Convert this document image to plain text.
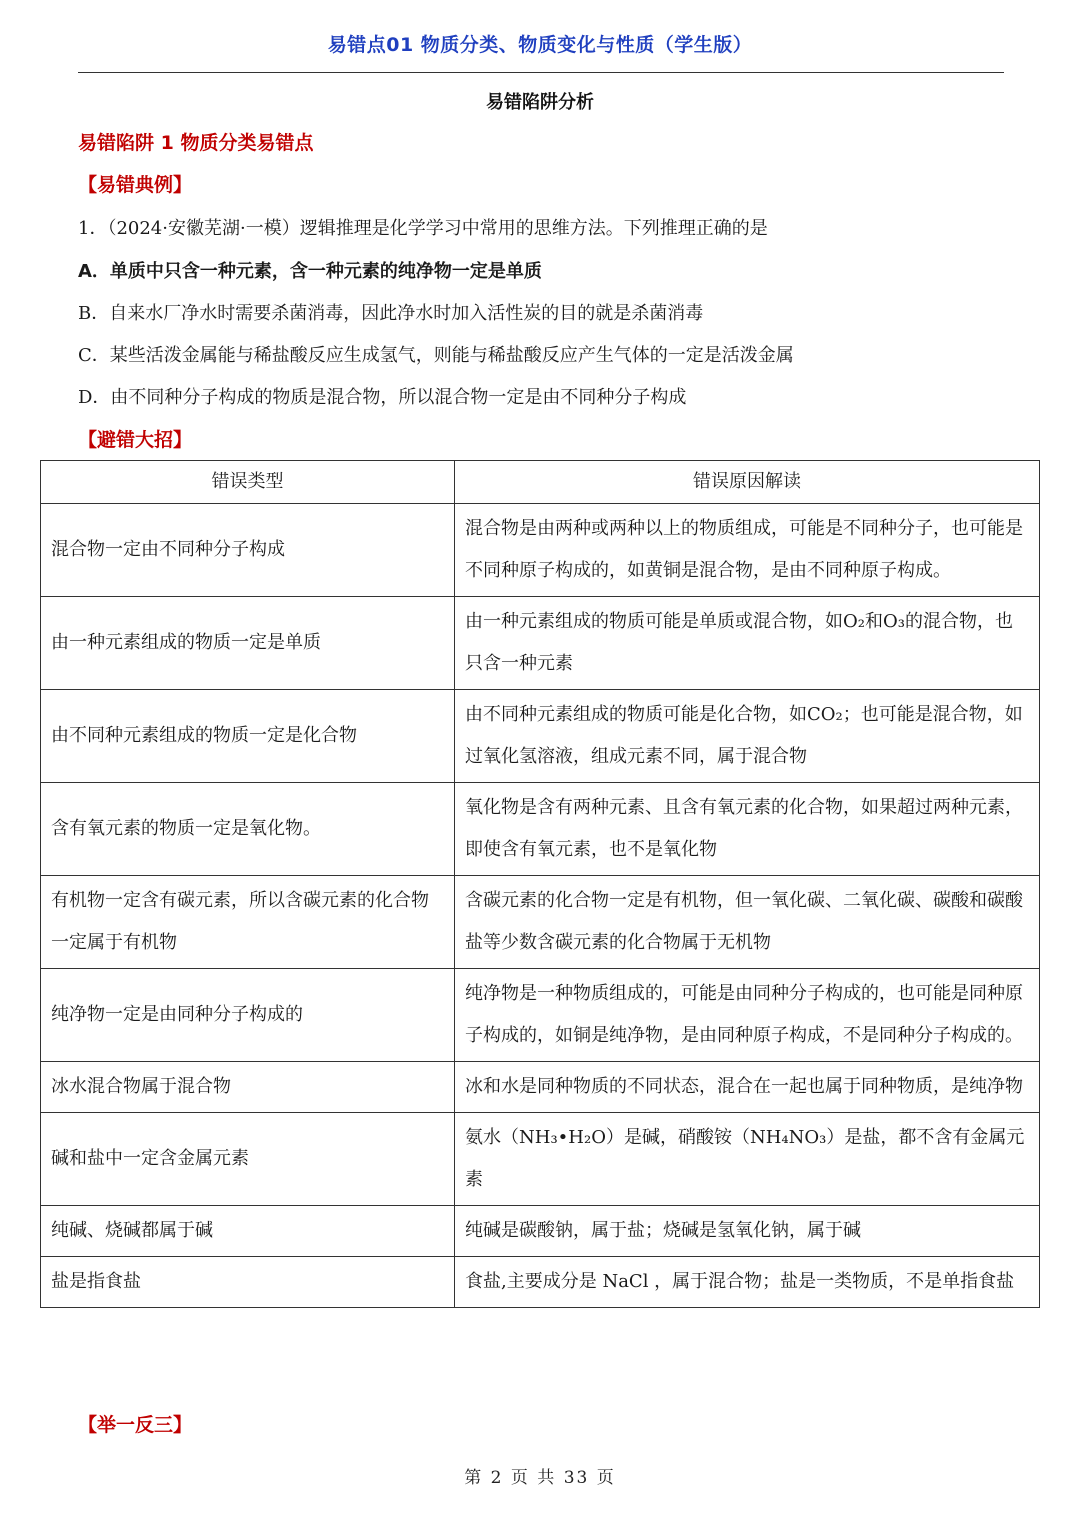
易错点01 物质分类、物质变化与性质（学生版）
易错陷阱分析
易错陷阱 1 物质分类易错点
【易错典例】
1．（2024·安徽芜湖·一模）逻辑推理是化学学习中常用的思维方法。下列推理正确的是
A．单质中只含一种元素，含一种元素的纯净物一定是单质
B．自来水厂净水时需要杀菌消毒，因此净水时加入活性炭的目的就是杀菌消毒
C．某些活泼金属能与稀盐酸反应生成氢气，则能与稀盐酸反应产生气体的一定是活泼金属
D．由不同种分子构成的物质是混合物，所以混合物一定是由不同种分子构成
【避错大招】
错误类型	错误原因解读
混合物一定由不同种分子构成	混合物是由两种或两种以上的物质组成，可能是不同种分子，也可能是不同种原子构成的，如黄铜是混合物，是由不同种原子构成。
由一种元素组成的物质一定是单质	由一种元素组成的物质可能是单质或混合物，如O₂和O₃的混合物，也只含一种元素
由不同种元素组成的物质一定是化合物	由不同种元素组成的物质可能是化合物，如CO₂；也可能是混合物，如过氧化氢溶液，组成元素不同，属于混合物
含有氧元素的物质一定是氧化物。	氧化物是含有两种元素、且含有氧元素的化合物，如果超过两种元素，即使含有氧元素，也不是氧化物
有机物一定含有碳元素，所以含碳元素的化合物一定属于有机物	含碳元素的化合物一定是有机物，但一氧化碳、二氧化碳、碳酸和碳酸盐等少数含碳元素的化合物属于无机物
纯净物一定是由同种分子构成的	纯净物是一种物质组成的，可能是由同种分子构成的，也可能是同种原子构成的，如铜是纯净物，是由同种原子构成，不是同种分子构成的。
冰水混合物属于混合物	冰和水是同种物质的不同状态，混合在一起也属于同种物质，是纯净物
碱和盐中一定含金属元素	氨水（NH₃•H₂O）是碱，硝酸铵（NH₄NO₃）是盐，都不含有金属元素
纯碱、烧碱都属于碱	纯碱是碳酸钠，属于盐；烧碱是氢氧化钠，属于碱
盐是指食盐	食盐,主要成分是 NaCl ，属于混合物；盐是一类物质，不是单指食盐
【举一反三】
第 2 页 共 33 页
